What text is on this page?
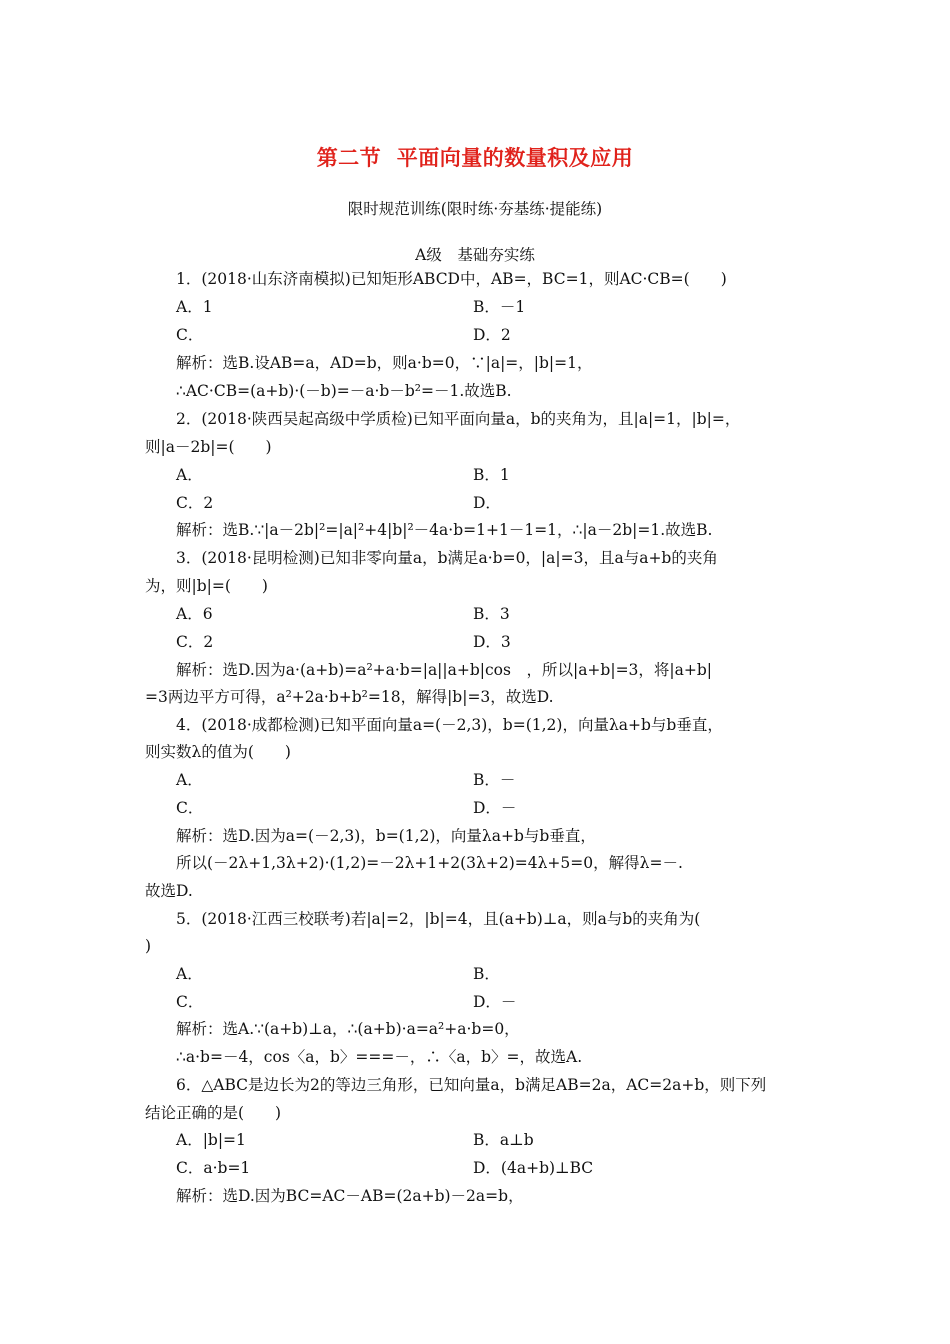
第二节  平面向量的数量积及应用
限时规范训练(限时练·夯基练·提能练)
A级　基础夯实练
1．(2018·山东济南模拟)已知矩形ABCD中，AB=，BC=1，则AC·CB=(　　)
A．1	B．－1
C．	D．2
解析：选B.设AB=a，AD=b，则a·b=0，∵|a|=，|b|=1，
∴AC·CB=(a+b)·(－b)=－a·b－b²=－1.故选B.
2．(2018·陕西吴起高级中学质检)已知平面向量a，b的夹角为，且|a|=1，|b|=，
则|a－2b|=(　　)
A．	B．1
C．2	D．
解析：选B.∵|a－2b|²=|a|²+4|b|²－4a·b=1+1－1=1，∴|a－2b|=1.故选B.
3．(2018·昆明检测)已知非零向量a，b满足a·b=0，|a|=3，且a与a+b的夹角
为，则|b|=(　　)
A．6	B．3
C．2	D．3
解析：选D.因为a·(a+b)=a²+a·b=|a||a+b|cos　，所以|a+b|=3，将|a+b|
=3两边平方可得，a²+2a·b+b²=18，解得|b|=3，故选D.
4．(2018·成都检测)已知平面向量a=(－2,3)，b=(1,2)，向量λa+b与b垂直，
则实数λ的值为(　　)
A．	B．－
C．	D．－
解析：选D.因为a=(－2,3)，b=(1,2)，向量λa+b与b垂直，
所以(－2λ+1,3λ+2)·(1,2)=－2λ+1+2(3λ+2)=4λ+5=0，解得λ=－.
故选D.
5．(2018·江西三校联考)若|a|=2，|b|=4，且(a+b)⊥a，则a与b的夹角为(
)
A．	B．
C．	D．－
解析：选A.∵(a+b)⊥a，∴(a+b)·a=a²+a·b=0，
∴a·b=－4，cos〈a，b〉===－，∴〈a，b〉=，故选A.
6．△ABC是边长为2的等边三角形，已知向量a，b满足AB=2a，AC=2a+b，则下列
结论正确的是(　　)
A．|b|=1	B．a⊥b
C．a·b=1	D．(4a+b)⊥BC
解析：选D.因为BC=AC－AB=(2a+b)－2a=b，
